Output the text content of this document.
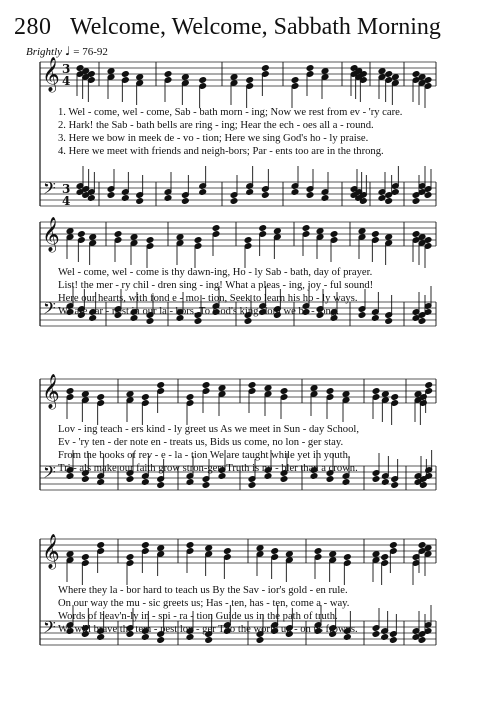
280 Welcome, Welcome, Sabbath Morning
Brightly ♩ = 76-92
𝄞
𝄢
3
4
3
4
𝄞
𝄢
𝄞
𝄢
𝄞
𝄢
1. Wel - come, wel - come, Sab - bath morn - ing; Now we rest from ev - 'ry care.
2. Hark! the Sab - bath bells are ring - ing; Hear the ech - oes all a - round.
3. Here we bow in meek de - vo - tion; Here we sing God's ho - ly praise.
4. Here we meet with friends and neigh-bors; Par - ents too are in the throng.
Wel - come, wel - come is thy dawn-ing, Ho - ly Sab - bath, day of prayer.
List! the mer - ry chil - dren sing - ing! What a pleas - ing, joy - ful sound!
Here our hearts, with fond e - mo - tion, Seek to learn his ho - ly ways.
We are ear - nest in our la - bors. To God's king-dom we be - long.
Lov - ing teach - ers kind - ly greet us As we meet in Sun - day School,
Ev - 'ry ten - der note en - treats us, Bids us come, no lon - ger stay.
From the books of rev - e - la - tion We are taught while yet in youth.
Tri - als make our faith grow stron-ger; Truth is no - bler than a crown.
Where they la - bor hard to teach us By the Sav - ior's gold - en rule.
On our way the mu - sic greets us; Has - ten, has - ten, come a - way.
Words of heav'n-ly in - spi - ra - tion Guide us in the path of truth.
We will brave the tem - pest lon - ger Tho the world up - on us frowns.
